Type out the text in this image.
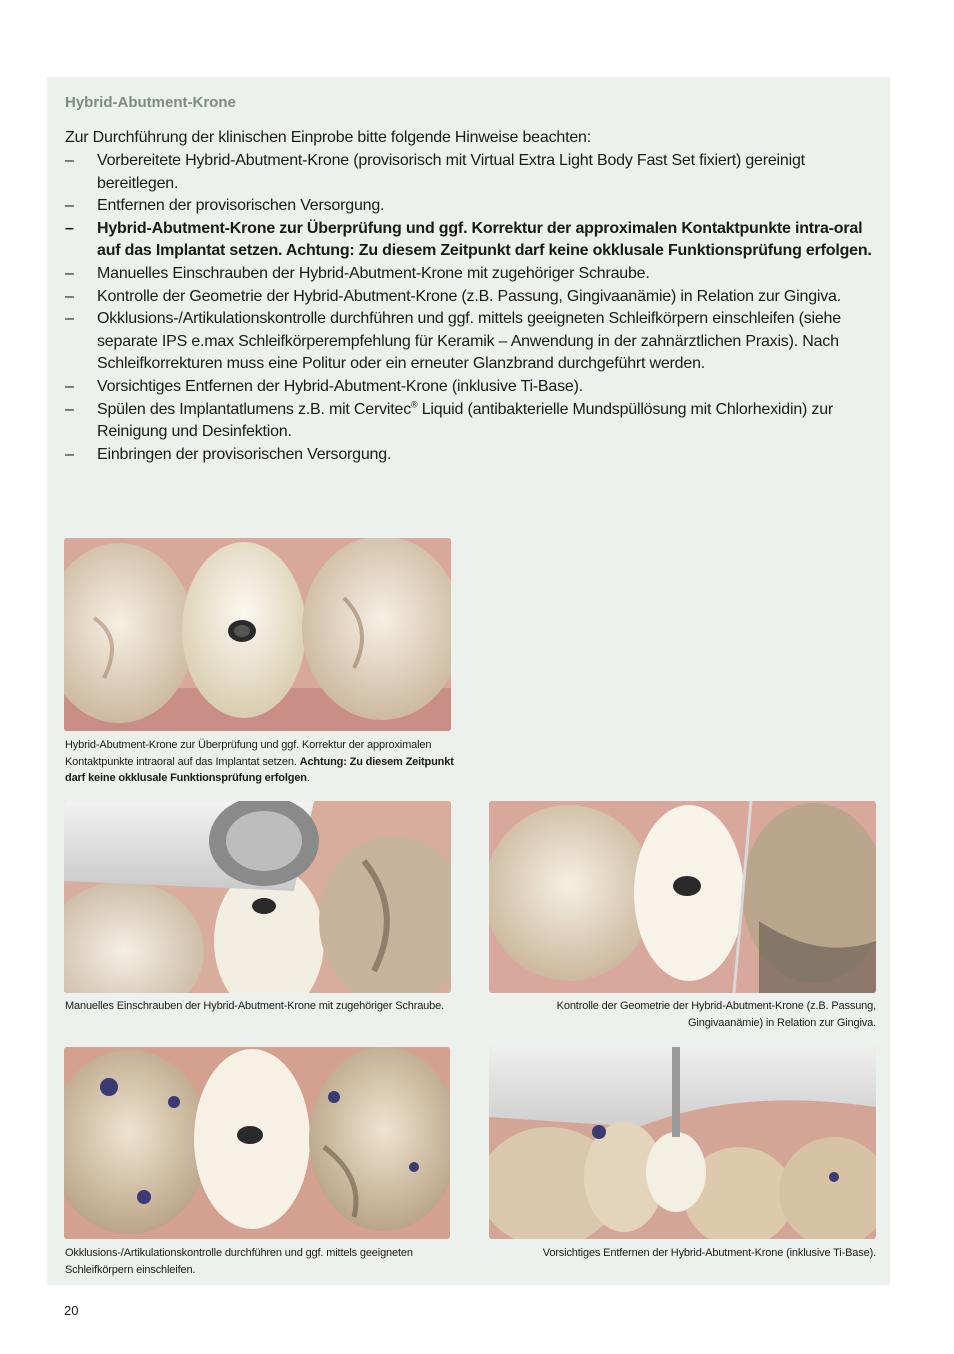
Hybrid-Abutment-Krone

Zur Durchführung der klinischen Einprobe bitte folgende Hinweise beachten:

– Vorbereitete Hybrid-Abutment-Krone (provisorisch mit Virtual Extra Light Body Fast Set fixiert) gereinigt bereitlegen.
– Entfernen der provisorischen Versorgung.
– Hybrid-Abutment-Krone zur Überprüfung und ggf. Korrektur der approximalen Kontaktpunkte intra-oral auf das Implantat setzen. Achtung: Zu diesem Zeitpunkt darf keine okklusale Funktionsprüfung erfolgen.
– Manuelles Einschrauben der Hybrid-Abutment-Krone mit zugehöriger Schraube.
– Kontrolle der Geometrie der Hybrid-Abutment-Krone (z.B. Passung, Gingivaanämie) in Relation zur Gingiva.
– Okklusions-/Artikulationskontrolle durchführen und ggf. mittels geeigneten Schleifkörpern einschleifen (siehe separate IPS e.max Schleifkörperempfehlung für Keramik – Anwendung in der zahnärztlichen Praxis). Nach Schleifkorrekturen muss eine Politur oder ein erneuter Glanzbrand durchgeführt werden.
– Vorsichtiges Entfernen der Hybrid-Abutment-Krone (inklusive Ti-Base).
– Spülen des Implantatlumens z.B. mit Cervitec® Liquid (antibakterielle Mundspüllösung mit Chlorhexidin) zur Reinigung und Desinfektion.
– Einbringen der provisorischen Versorgung.

Hybrid-Abutment-Krone zur Überprüfung und ggf. Korrektur der approximalen Kontaktpunkte intraoral auf das Implantat setzen. Achtung: Zu diesem Zeitpunkt darf keine okklusale Funktionsprüfung erfolgen.

Manuelles Einschrauben der Hybrid-Abutment-Krone mit zugehöriger Schraube.	Kontrolle der Geometrie der Hybrid-Abutment-Krone (z.B. Passung, Gingivaanämie) in Relation zur Gingiva.

Okklusions-/Artikulationskontrolle durchführen und ggf. mittels geeigneten Schleifkörpern einschleifen.

Vorsichtiges Entfernen der Hybrid-Abutment-Krone (inklusive Ti-Base).

20
